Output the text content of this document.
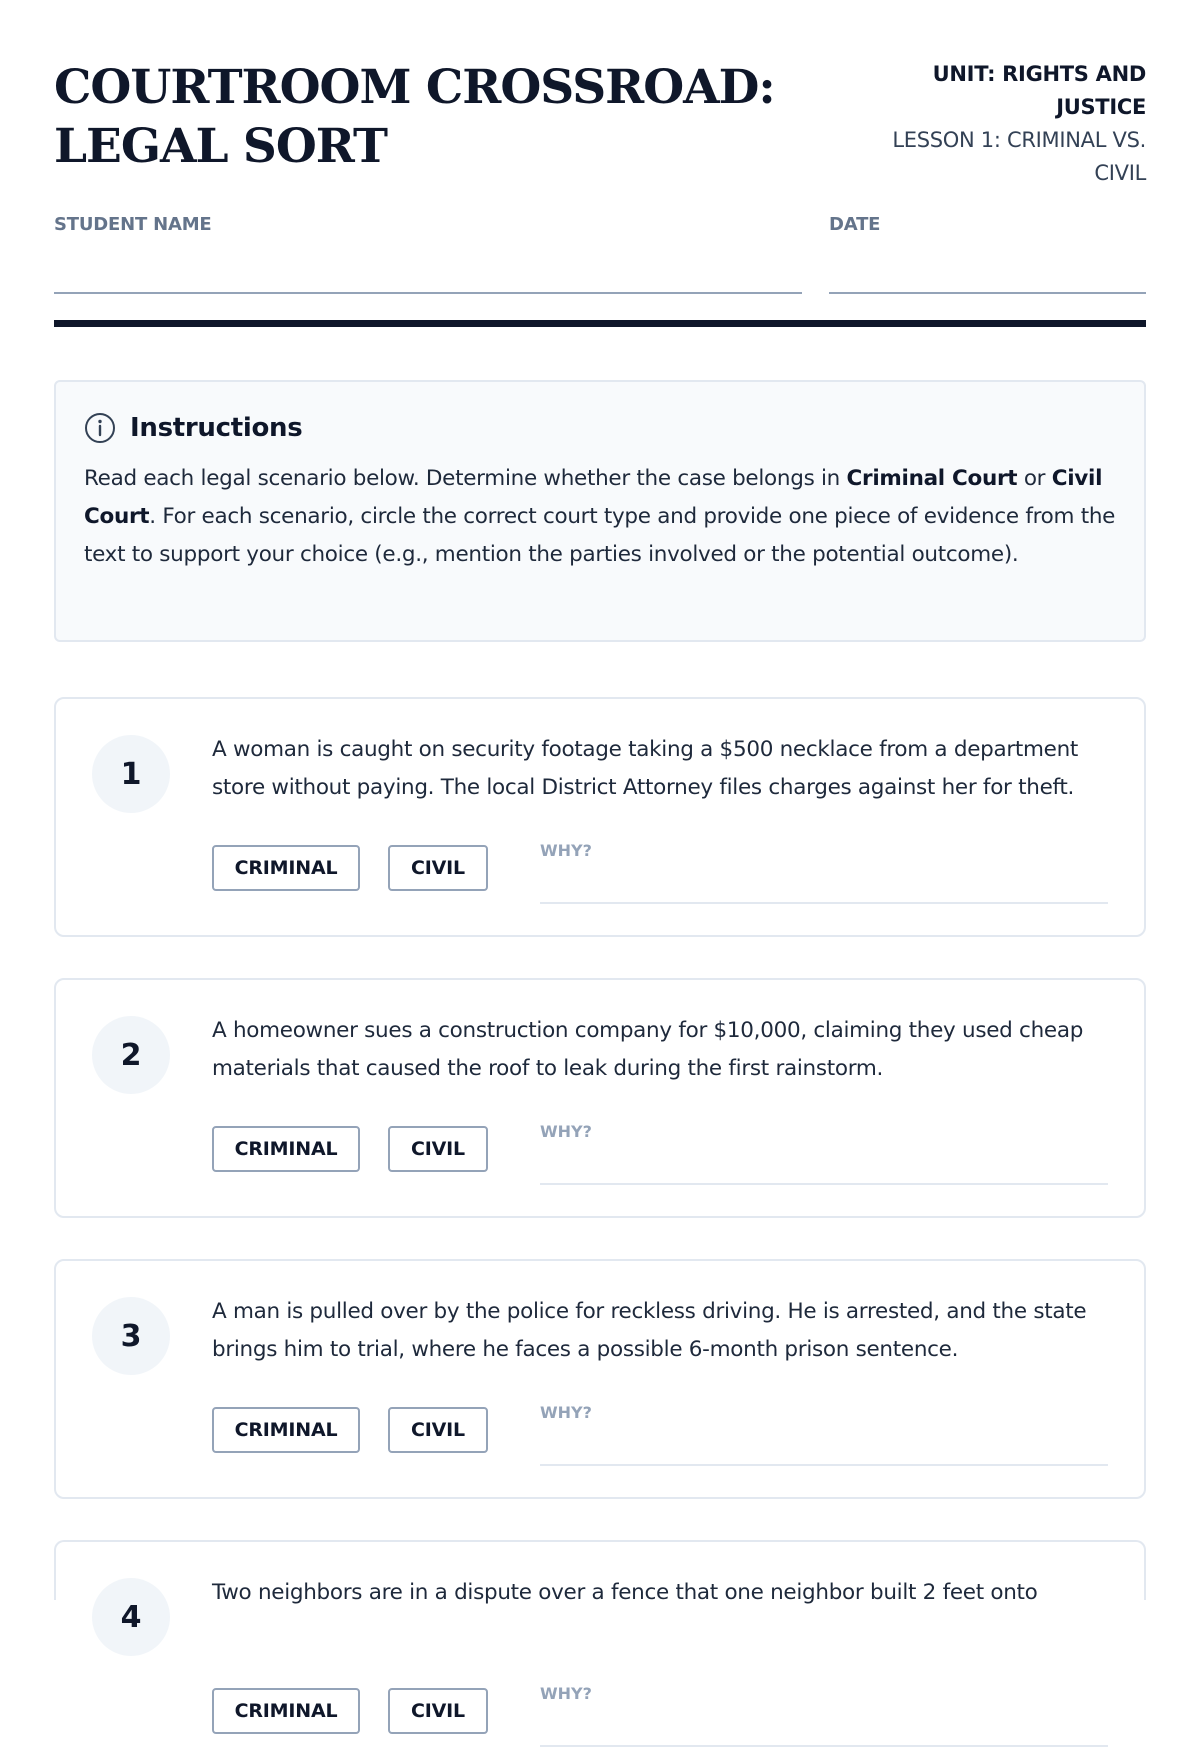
COURTROOM CROSSROAD: LEGAL SORT
UNIT: RIGHTS AND JUSTICE
LESSON 1: CRIMINAL VS. CIVIL
STUDENT NAME	DATE
Instructions

Read each legal scenario below. Determine whether the case belongs in Criminal Court or Civil Court. For each scenario, circle the correct court type and provide one piece of evidence from the text to support your choice (e.g., mention the parties involved or the potential outcome).

1

A woman is caught on security footage taking a $500 necklace from a department store without paying. The local District Attorney files charges against her for theft.

CRIMINAL	CIVIL
WHY?
2

A homeowner sues a construction company for $10,000, claiming they used cheap materials that caused the roof to leak during the first rainstorm.

CRIMINAL	CIVIL
WHY?
3

A man is pulled over by the police for reckless driving. He is arrested, and the state brings him to trial, where he faces a possible 6-month prison sentence.

CRIMINAL	CIVIL
WHY?
4

Two neighbors are in a dispute over a fence that one neighbor built 2 feet onto

CRIMINAL	CIVIL
WHY?
